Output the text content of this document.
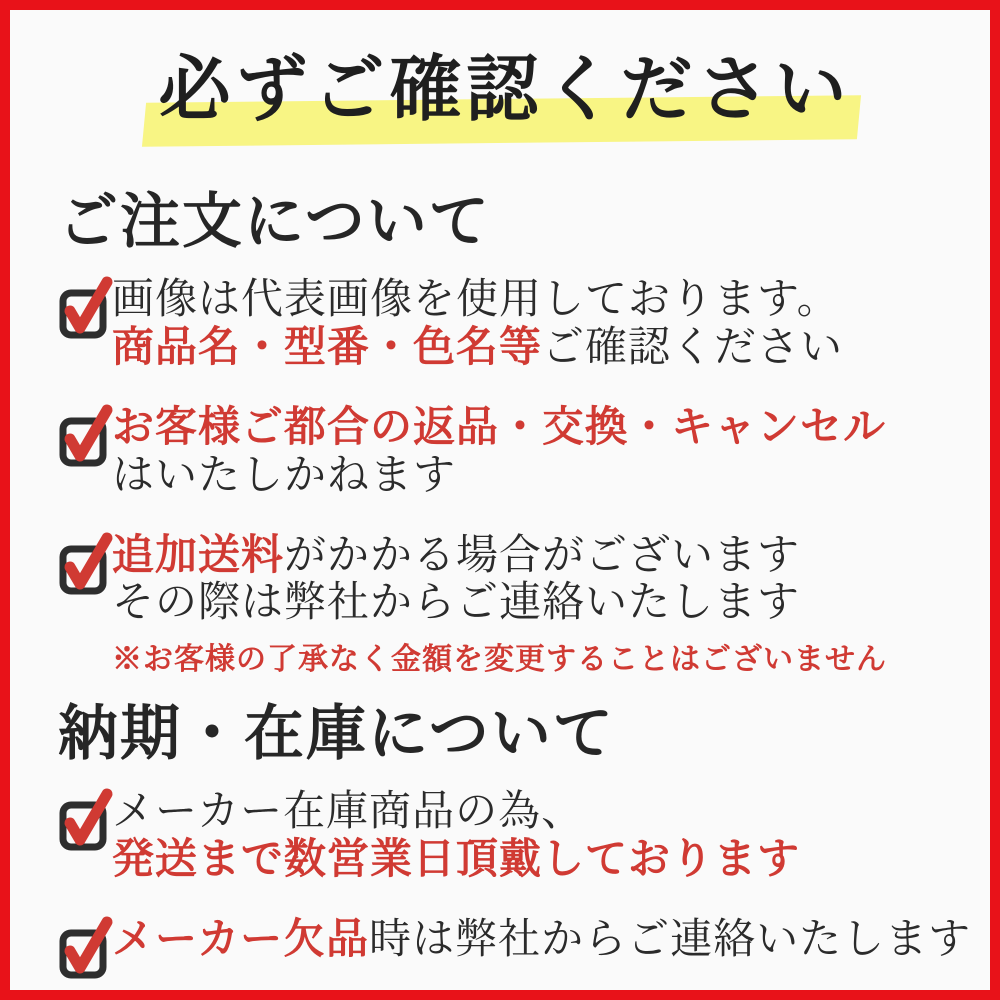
必ずご確認ください
ご注文について
画像は代表画像を使用しております。
商品名・型番・色名等ご確認ください
お客様ご都合の返品・交換・キャンセル
はいたしかねます
追加送料がかかる場合がございます
その際は弊社からご連絡いたします

※お客様の了承なく金額を変更することはございません

納期・在庫について
メーカー在庫商品の為、
発送まで数営業日頂戴しております
メーカー欠品時は弊社からご連絡いたします
